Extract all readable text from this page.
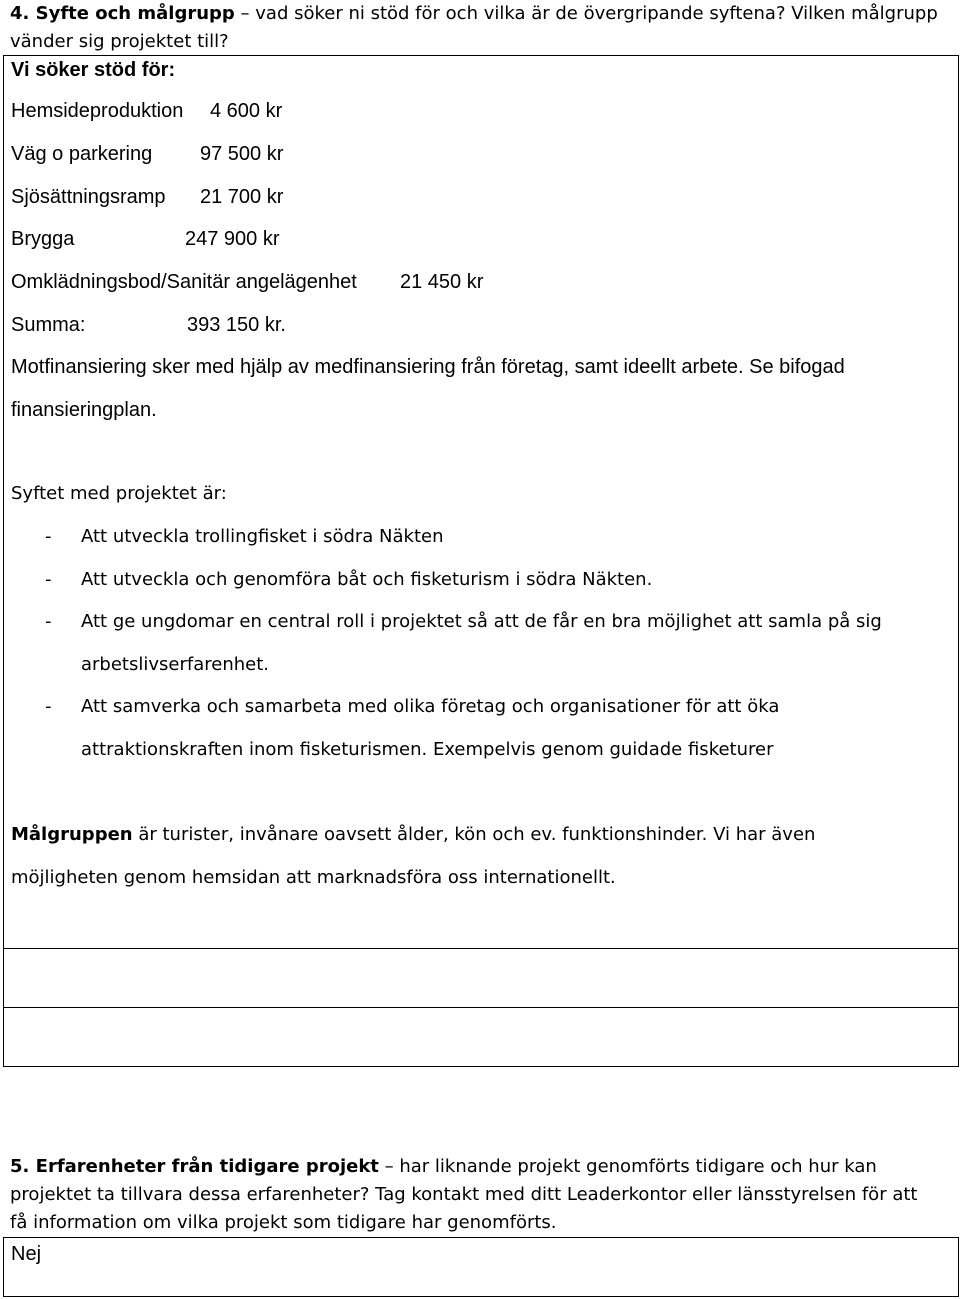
4. Syfte och målgrupp – vad söker ni stöd för och vilka är de övergripande syftena? Vilken målgrupp vänder sig projektet till?
Vi söker stöd för:
Hemsideproduktion 4 600 kr
Väg o parkering 97 500 kr
Sjösättningsramp 21 700 kr
Brygga	247 900 kr
Omklädningsbod/Sanitär angelägenhet 21 450 kr
Summa:	393 150 kr.
Motfinansiering sker med hjälp av medfinansiering från företag, samt ideellt arbete. Se bifogad
finansieringplan.
Syftet med projektet är:
- Att utveckla trollingfisket i södra Näkten
- Att utveckla och genomföra båt och fisketurism i södra Näkten.
- Att ge ungdomar en central roll i projektet så att de får en bra möjlighet att samla på sig
arbetslivserfarenhet.
- Att samverka och samarbeta med olika företag och organisationer för att öka
attraktionskraften inom fisketurismen. Exempelvis genom guidade fisketurer
Målgruppen är turister, invånare oavsett ålder, kön och ev. funktionshinder. Vi har även
möjligheten genom hemsidan att marknadsföra oss internationellt.
5. Erfarenheter från tidigare projekt – har liknande projekt genomförts tidigare och hur kan projektet ta tillvara dessa erfarenheter? Tag kontakt med ditt Leaderkontor eller länsstyrelsen för att få information om vilka projekt som tidigare har genomförts.
Nej
